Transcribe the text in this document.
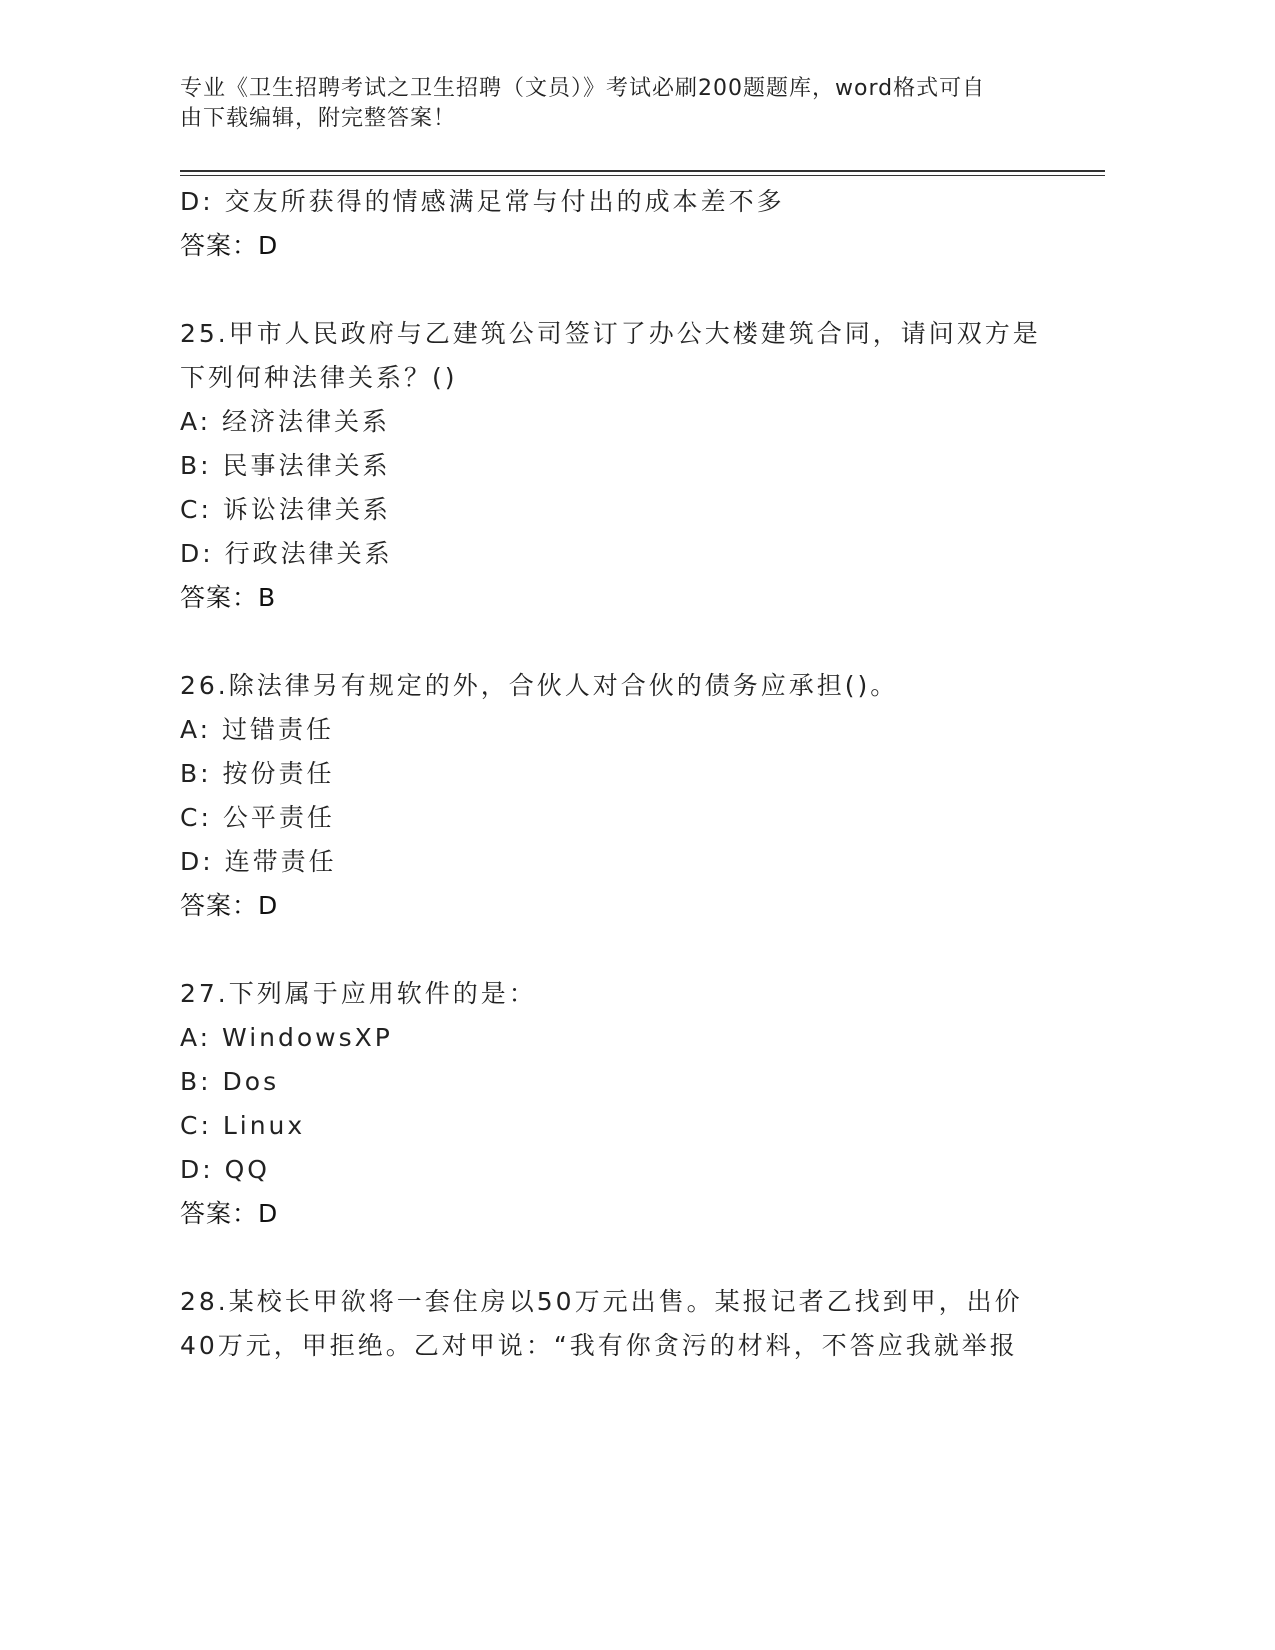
专业《卫生招聘考试之卫生招聘（文员）》考试必刷200题题库，word格式可自
由下载编辑，附完整答案！
D: 交友所获得的情感满足常与付出的成本差不多
答案：D
25.甲市人民政府与乙建筑公司签订了办公大楼建筑合同，请问双方是
下列何种法律关系？()
A: 经济法律关系
B: 民事法律关系
C: 诉讼法律关系
D: 行政法律关系
答案：B
26.除法律另有规定的外，合伙人对合伙的债务应承担()。
A: 过错责任
B: 按份责任
C: 公平责任
D: 连带责任
答案：D
27.下列属于应用软件的是：
A: WindowsXP
B: Dos
C: Linux
D: QQ
答案：D
28.某校长甲欲将一套住房以50万元出售。某报记者乙找到甲，出价
40万元，甲拒绝。乙对甲说：“我有你贪污的材料，不答应我就举报
